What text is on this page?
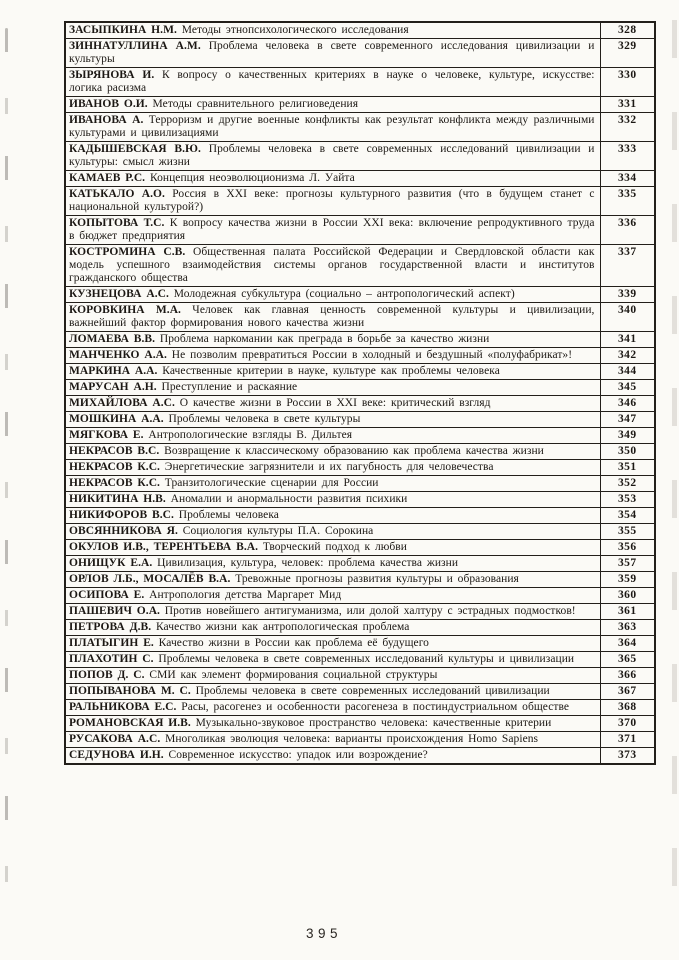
ЗАСЫПКИНА Н.М. Методы этнопсихологического исследования	328
ЗИННАТУЛЛИНА А.М. Проблема человека в свете современного исследования цивилизации и культуры	329
ЗЫРЯНОВА И. К вопросу о качественных критериях в науке о человеке, культуре, искусстве: логика расизма	330
ИВАНОВ О.И. Методы сравнительного религиоведения	331
ИВАНОВА А. Терроризм и другие военные конфликты как результат конфликта между различными культурами и цивилизациями	332
КАДЫШЕВСКАЯ В.Ю. Проблемы человека в свете современных исследований цивилизации и культуры: смысл жизни	333
КАМАЕВ Р.С. Концепция неоэволюционизма Л. Уайта	334
КАТЬКАЛО А.О. Россия в XXI веке: прогнозы культурного развития (что в будущем станет с национальной культурой?)	335
КОПЫТОВА Т.С. К вопросу качества жизни в России XXI века: включение репродуктивного труда в бюджет предприятия	336
КОСТРОМИНА С.В. Общественная палата Российской Федерации и Свердловской области как модель успешного взаимодействия системы органов государственной власти и институтов гражданского общества	337
КУЗНЕЦОВА А.С. Молодежная субкультура (социально – антропологический аспект)	339
КОРОВКИНА М.А. Человек как главная ценность современной культуры и цивилизации, важнейший фактор формирования нового качества жизни	340
ЛОМАЕВА В.В. Проблема наркомании как преграда в борьбе за качество жизни	341
МАНЧЕНКО А.А. Не позволим превратиться России в холодный и бездушный «полуфабрикат»!	342
МАРКИНА А.А. Качественные критерии в науке, культуре как проблемы человека	344
МАРУСАН А.Н. Преступление и раскаяние	345
МИХАЙЛОВА А.С. О качестве жизни в России в XXI веке: критический взгляд	346
МОШКИНА А.А. Проблемы человека в свете культуры	347
МЯГКОВА Е. Антропологические взгляды В. Дильтея	349
НЕКРАСОВ В.С. Возвращение к классическому образованию как проблема качества жизни	350
НЕКРАСОВ К.С. Энергетические загрязнители и их пагубность для человечества	351
НЕКРАСОВ К.С. Транзитологические сценарии для России	352
НИКИТИНА Н.В. Аномалии и анормальности развития психики	353
НИКИФОРОВ В.С. Проблемы человека	354
ОВСЯННИКОВА Я. Социология культуры П.А. Сорокина	355
ОКУЛОВ И.В., ТЕРЕНТЬЕВА В.А. Творческий подход к любви	356
ОНИЩУК Е.А. Цивилизация, культура, человек: проблема качества жизни	357
ОРЛОВ Л.Б., МОСАЛЁВ В.А. Тревожные прогнозы развития культуры и образования	359
ОСИПОВА Е. Антропология детства Маргарет Мид	360
ПАШЕВИЧ О.А. Против новейшего антигуманизма, или долой халтуру с эстрадных подмостков!	361
ПЕТРОВА Д.В. Качество жизни как антропологическая проблема	363
ПЛАТЫГИН Е. Качество жизни в России как проблема её будущего	364
ПЛАХОТИН С. Проблемы человека в свете современных исследований культуры и цивилизации	365
ПОПОВ Д. С. СМИ как элемент формирования социальной структуры	366
ПОПЫВАНОВА М. С. Проблемы человека в свете современных исследований цивилизации	367
РАЛЬНИКОВА Е.С. Расы, расогенез и особенности расогенеза в постиндустриальном обществе	368
РОМАНОВСКАЯ И.В. Музыкально-звуковое пространство человека: качественные критерии	370
РУСАКОВА А.С. Многоликая эволюция человека: варианты происхождения Homo Sapiens	371
СЕДУНОВА И.Н. Современное искусство: упадок или возрождение?	373
395
